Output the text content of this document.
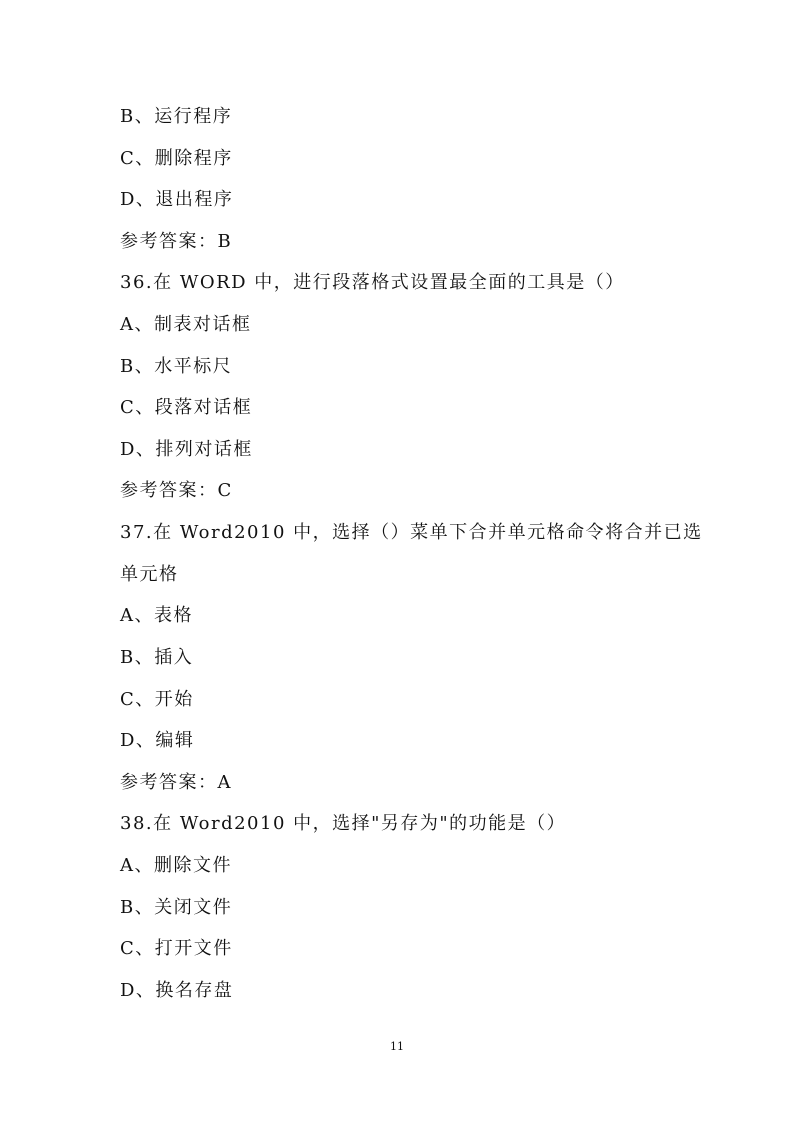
B、运行程序
C、删除程序
D、退出程序
参考答案：B
36.在 WORD 中，进行段落格式设置最全面的工具是（）
A、制表对话框
B、水平标尺
C、段落对话框
D、排列对话框
参考答案：C
37.在 Word2010 中，选择（）菜单下合并单元格命令将合并已选
单元格
A、表格
B、插入
C、开始
D、编辑
参考答案：A
38.在 Word2010 中，选择"另存为"的功能是（）
A、删除文件
B、关闭文件
C、打开文件
D、换名存盘
11
